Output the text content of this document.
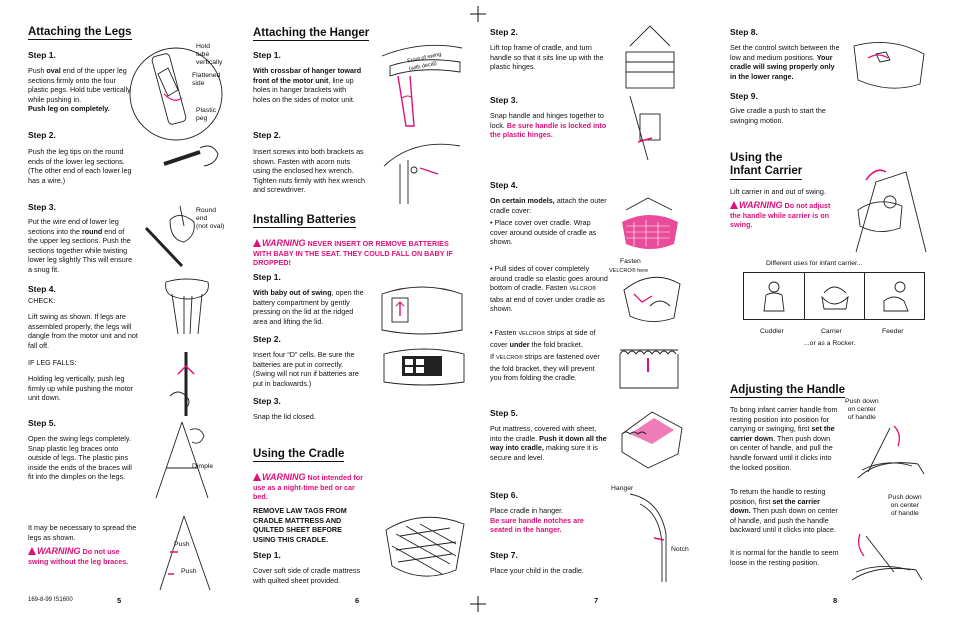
Attaching the Legs
Step 1.
Push oval end of the upper leg sections firmly onto the four plastic pegs. Hold tube vertically while pushing in.
Push leg on completely.
Hold
tube
vertically
Flattened
side
Plastic
peg
Step 2.
Push the leg tips on the round ends of the lower leg sections. (The other end of each lower leg has a wire.)
Step 3.
Put the wire end of lower leg sections into the round end of the upper leg sections. Push the sections together while twisting lower leg slightly This will ensure a snug fit.
Round
end
(not oval)
Step 4.
CHECK:
Lift swing as shown. If legs are assembled properly, the legs will dangle from the motor unit and not fall off.
IF LEG FALLS:
Holding leg vertically, push leg firmly up while pushing the motor unit down.
Step 5.
Open the swing legs completely. Snap plastic leg braces onto outside of legs. The plastic pins inside the ends of the braces will fit into the dimples on the legs.
Dimple
It may be necessary to spread the legs as shown.
WARNING Do not use swing without the leg braces.
Push
Push
169-8-99 IS1600	5
Attaching the Hanger
Step 1.
With crossbar of hanger toward front of the motor unit, line up holes in hanger brackets with holes on the sides of motor unit.
Front of swing
(with decal)
Step 2.
Insert screws into both brackets as shown. Fasten with acorn nuts using the enclosed hex wrench. Tighten nuts firmly with hex wrench and screwdriver.
Installing Batteries
WARNING NEVER INSERT OR REMOVE BATTERIES WITH BABY IN THE SEAT. THEY COULD FALL ON BABY IF DROPPED!
Step 1.
With baby out of swing, open the battery compartment by gently pressing on the lid at the ridged area and lifting the lid.
Step 2.
Insert four “D” cells. Be sure the batteries are put in correctly. (Swing will not run if batteries are put in backwards.)
Step 3.
Snap the lid closed.
Using the Cradle
WARNING Not intended for use as a night-time bed or car bed.
REMOVE LAW TAGS FROM CRADLE MATTRESS AND QUILTED SHEET BEFORE USING THIS CRADLE.
Step 1.
Cover soft side of cradle mattress with quilted sheet provided.
6
Step 2.
Lift top frame of cradle, and turn handle so that it sits line up with the plastic hinges.
Step 3.
Snap handle and hinges together to lock. Be sure handle is locked into the plastic hinges.
Step 4.
On certain models, attach the outer cradle cover:
• Place cover over cradle. Wrap cover around outside of cradle as shown.
Fasten
VELCRO® here
• Pull sides of cover completely around cradle so elastic goes around bottom of cradle. Fasten VELCRO® tabs at end of cover under cradle as shown.
• Fasten VELCRO® strips at side of cover under the fold bracket.
If VELCRO® strips are fastened over the fold bracket, they will prevent you from folding the cradle.
Step 5.
Put mattress, covered with sheet, into the cradle. Push it down all the way into cradle, making sure it is secure and level.
Step 6.
Place cradle in hanger.
Be sure handle notches are seated in the hanger.
Hanger
Notch
Step 7.
Place your child in the cradle.
7
Step 8.
Set the control switch between the low and medium positions. Your cradle will swing properly only in the lower range.
Step 9.
Give cradle a push to start the swinging motion.
Using the
Infant Carrier
Lift carrier in and out of swing.
WARNING Do not adjust the handle while carrier is on swing.
Different uses for infant carrier...
Cuddler	Carrier	Feeder
...or as a Rocker.
Adjusting the Handle
To bring infant carrier handle from resting position into position for carrying or swinging, first set the carrier down. Then push down on center of handle, and pull the handle forward until it clicks into the locked position.
Push down
on center
of handle
To return the handle to resting position, first set the carrier down. Then push down on center of handle, and push the handle backward until it clicks into place.
Push down
on center
of handle
It is normal for the handle to seem loose in the resting position.
8
